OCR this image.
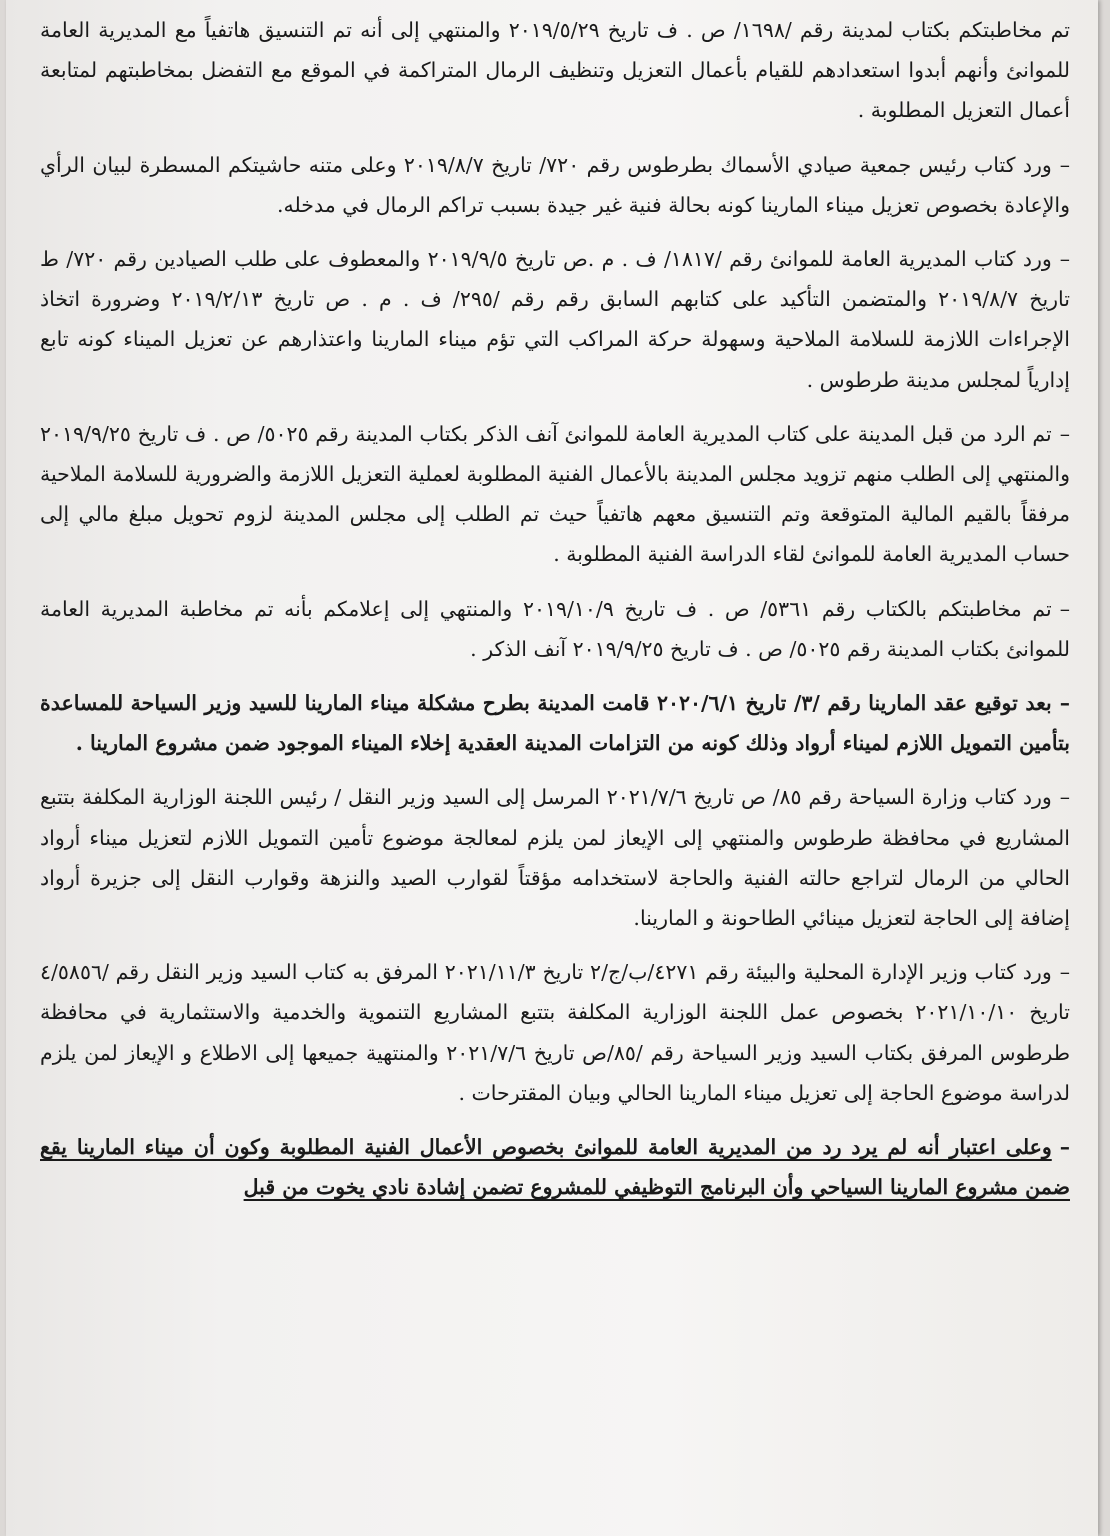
تم مخاطبتكم بكتاب لمدينة رقم /١٦٩٨/ ص . ف تاريخ ٢٠١٩/٥/٢٩ والمنتهي إلى أنه تم التنسيق هاتفياً مع المديرية العامة للموانئ وأنهم أبدوا استعدادهم للقيام بأعمال التعزيل وتنظيف الرمال المتراكمة في الموقع مع التفضل بمخاطبتهم لمتابعة أعمال التعزيل المطلوبة .

–ورد كتاب رئيس جمعية صيادي الأسماك بطرطوس رقم ٧٢٠/ تاريخ ٢٠١٩/٨/٧ وعلى متنه حاشيتكم المسطرة لبيان الرأي والإعادة بخصوص تعزيل ميناء المارينا كونه بحالة فنية غير جيدة بسبب تراكم الرمال في مدخله.

–ورد كتاب المديرية العامة للموانئ رقم /١٨١٧/ ف . م .ص تاريخ ٢٠١٩/٩/٥ والمعطوف على طلب الصيادين رقم ٧٢٠/ ط تاريخ ٢٠١٩/٨/٧ والمتضمن التأكيد على كتابهم السابق رقم رقم /٢٩٥/ ف . م . ص تاريخ ٢٠١٩/٢/١٣ وضرورة اتخاذ الإجراءات اللازمة للسلامة الملاحية وسهولة حركة المراكب التي تؤم ميناء المارينا واعتذارهم عن تعزيل الميناء كونه تابع إدارياً لمجلس مدينة طرطوس .

–تم الرد من قبل المدينة على كتاب المديرية العامة للموانئ آنف الذكر بكتاب المدينة رقم ٥٠٢٥/ ص . ف تاريخ ٢٠١٩/٩/٢٥ والمنتهي إلى الطلب منهم تزويد مجلس المدينة بالأعمال الفنية المطلوبة لعملية التعزيل اللازمة والضرورية للسلامة الملاحية مرفقاً بالقيم المالية المتوقعة وتم التنسيق معهم هاتفياً حيث تم الطلب إلى مجلس المدينة لزوم تحويل مبلغ مالي إلى حساب المديرية العامة للموانئ لقاء الدراسة الفنية المطلوبة .

–تم مخاطبتكم بالكتاب رقم ٥٣٦١/ ص . ف تاريخ ٢٠١٩/١٠/٩ والمنتهي إلى إعلامكم بأنه تم مخاطبة المديرية العامة للموانئ بكتاب المدينة رقم ٥٠٢٥/ ص . ف تاريخ ٢٠١٩/٩/٢٥ آنف الذكر .

–بعد توقيع عقد المارينا رقم /٣/ تاريخ ٢٠٢٠/٦/١ قامت المدينة بطرح مشكلة ميناء المارينا للسيد وزير السياحة للمساعدة بتأمين التمويل اللازم لميناء أرواد وذلك كونه من التزامات المدينة العقدية إخلاء الميناء الموجود ضمن مشروع المارينا .

–ورد كتاب وزارة السياحة رقم ٨٥/ ص تاريخ ٢٠٢١/٧/٦ المرسل إلى السيد وزير النقل / رئيس اللجنة الوزارية المكلفة بتتبع المشاريع في محافظة طرطوس والمنتهي إلى الإيعاز لمن يلزم لمعالجة موضوع تأمين التمويل اللازم لتعزيل ميناء أرواد الحالي من الرمال لتراجع حالته الفنية والحاجة لاستخدامه مؤقتاً لقوارب الصيد والنزهة وقوارب النقل إلى جزيرة أرواد إضافة إلى الحاجة لتعزيل مينائي الطاحونة و المارينا.

–ورد كتاب وزير الإدارة المحلية والبيئة رقم ٤٢٧١/ب/ج/٢ تاريخ ٢٠٢١/١١/٣ المرفق به كتاب السيد وزير النقل رقم /٤/٥٨٥٦ تاريخ ٢٠٢١/١٠/١٠ بخصوص عمل اللجنة الوزارية المكلفة بتتبع المشاريع التنموية والخدمية والاستثمارية في محافظة طرطوس المرفق بكتاب السيد وزير السياحة رقم /٨٥/ص تاريخ ٢٠٢١/٧/٦ والمنتهية جميعها إلى الاطلاع و الإيعاز لمن يلزم لدراسة موضوع الحاجة إلى تعزيل ميناء المارينا الحالي وبيان المقترحات .

–وعلى اعتبار أنه لم يرد رد من المديرية العامة للموانئ بخصوص الأعمال الفنية المطلوبة وكون أن ميناء المارينا يقع ضمن مشروع المارينا السياحي وأن البرنامج التوظيفي للمشروع تضمن إشادة نادي يخوت من قبل
